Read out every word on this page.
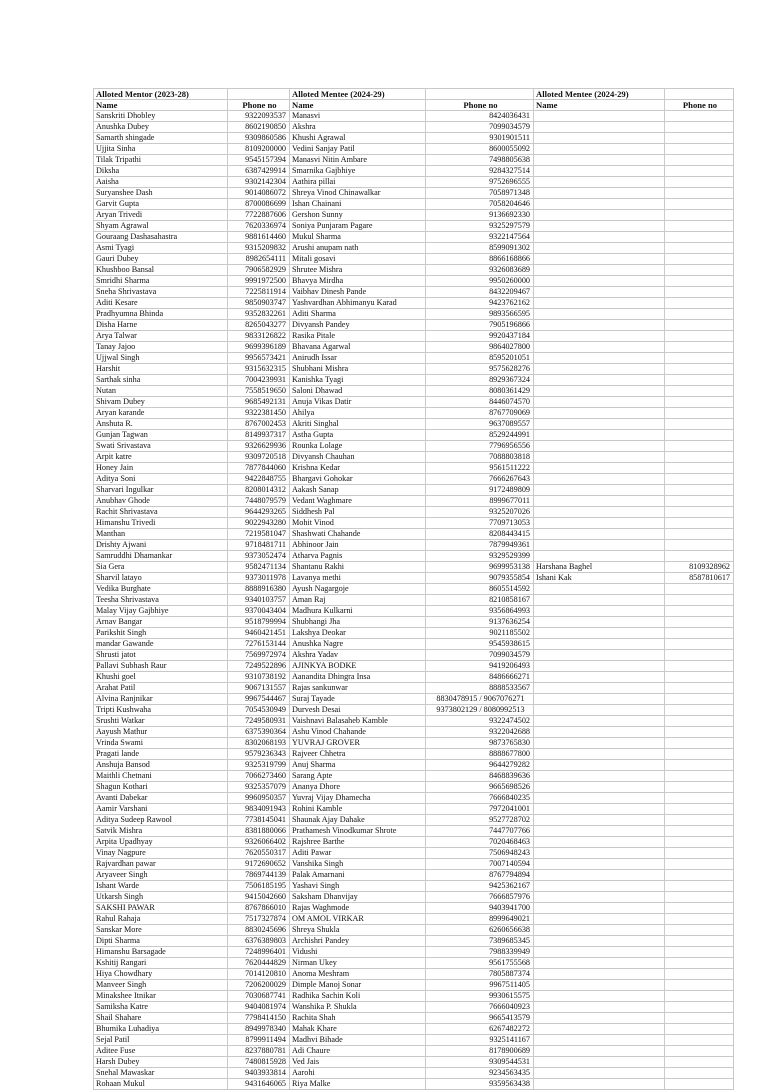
Alloted Mentor (2023-28)		Alloted Mentee (2024-29)		Alloted Mentee (2024-29)	
Name	Phone no	Name	Phone no	Name	Phone no
Sanskriti Dhobley	9322093537	Manasvi	8424036431		
Anushka Dubey	8602190850	Akshra	7099034579		
Samarth shingade	9309860586	Khushi Agrawal	9301901511		
Ujjita Sinha	8109200000	Vedini Sanjay Patil	8600055092		
Tilak Tripathi	9545157394	Manasvi Nitin Ambare	7498805638		
Diksha	6387429914	Smarnika Gajbhiye	9284327514		
Aaisha	9302142304	Aathira pillai	9752696555		
Suryanshee Dash	9014086072	Shreya Vinod Chinawalkar	7058971348		
Garvit Gupta	8700086699	Ishan Chainani	7058204646		
Aryan Trivedi	7722887606	Gershon Sunny	9136692330		
Shyam Agrawal	7620336974	Soniya Punjaram Pagare	9325297579		
Gouraang Dashasahastra	9881614460	Mukul Sharma	9322147564		
Asmi Tyagi	9315209832	Arushi anupam nath	8599091302		
Gauri Dubey	8982654111	Mitali gosavi	8866168866		
Khushboo Bansal	7906582929	Shrutee Mishra	9326083689		
Smridhi Sharma	9991972500	Bhavya Mirdha	9950260000		
Sneha Shrivastava	7225811914	Vaibhav Dinesh Pande	8432209467		
Aditi Kesare	9850903747	Yashvardhan Abhimanyu Karad	9423762162		
Pradhyumna Bhinda	9352832261	Aditi Sharma	9893566595		
Disha Harne	8265043277	Divyansh Pandey	7905196866		
Arya Talwar	9833126822	Rasika Pitale	9920437184		
Tanay Jajoo	9699396189	Bhavana Agarwal	9864027800		
Ujjwal Singh	9956573421	Anirudh Issar	8595201051		
Harshit	9315632315	Shubhani Mishra	9575628276		
Sarthak sinha	7004239931	Kanishka Tyagi	8929367324		
Nutan	7558519650	Saloni Dhawad	8080361429		
Shivam Dubey	9685492131	Anuja Vikas Datir	8446074570		
Aryan karande	9322381450	Ahilya	8767709069		
Anshuta R.	8767002453	Akriti Singhal	9637089557		
Gunjan Tagwan	8149937317	Astha Gupta	8529244991		
Swati Srivastava	9326629936	Rounka Lolage	7796956556		
Arpit katre	9309720518	Divyansh Chauhan	7088803818		
Honey Jain	7877844060	Krishna Kedar	9561511222		
Aditya Soni	9422848755	Bhargavi Gohokar	7666267643		
Sharvari Ingulkar	8208014312	Aakash Sanap	9172489809		
Anubhav Ghode	7448079579	Vedant Waghmare	8999677011		
Rachit Shrivastava	9644293265	Siddhesh Pal	9325207026		
Himanshu Trivedi	9022943280	Mohit Vinod	7709713053		
Manthan	7219581047	Shashwati Chahande	8208443415		
Drishty Ajwani	9718481711	Abhinoor Jain	7879949361		
Samruddhi Dhamankar	9373052474	Atharva Pagnis	9329529399		
Sia Gera	9582471134	Shantanu Rakhi	9699953138	Harshana Baghel	8109328962
Sharvil latayo	9373011978	Lavanya methi	9079355854	Ishani Kak	8587810617
Vedika Burghate	8888916380	Ayush Nagargoje	8605514592		
Teesha Shrivastava	9340103757	Aman Raj	8210858167		
Malay Vijay Gajbhiye	9370043404	Madhura Kulkarni	9356864993		
Arnav Bangar	9518799994	Shubhangi Jha	9137636254		
Parikshit Singh	9460421451	Lakshya Deokar	9021185502		
mandar Gawande	7276153144	Anushka Nagre	9545938615		
Shrusti jatot	7569972974	Akshra Yadav	7099034579		
Pallavi Subhash Raur	7249522896	AJINKYA BODKE	9419206493		
Khushi goel	9310738192	Aanandita Dhingra Insa	8486666271		
Arahat Patil	9067131557	Rajas sankunwar	8888533567		
Alvina Ranjnikar	9967544467	Suraj Tayade	8830478915 / 9067076271		
Tripti Kushwaha	7054530949	Durvesh Desai	9373802129 / 8080992513		
Srushti Watkar	7249580931	Vaishnavi Balasaheb Kamble	9322474502		
Aayush Mathur	6375390364	Ashu Vinod Chahande	9322042688		
Vrinda Swami	8302068193	YUVRAJ GROVER	9873765830		
Pragati lande	9579236343	Rajveer Chhetra	8888677800		
Anshuja Bansod	9325319799	Anuj Sharma	9644279282		
Maithli Chetnani	7066273460	Sarang Apte	8468839636		
Shagun Kothari	9325357079	Ananya Dhore	9665698526		
Avanti Dabekar	9960950357	Yuvraj Vijay Dhamecha	7666840235		
Aamir Varshani	9834091943	Rohini Kamble	7972041001		
Aditya Sudeep Rawool	7738145041	Shaunak Ajay Dahake	9527728702		
Satvik Mishra	8381880066	Prathamesh Vinodkumar Shrote	7447707766		
Arpita Upadhyay	9326066402	Rajshree Barthe	7020468463		
Vinay Nagpure	7620550317	Aditi Pawar	7506948243		
Rajvardhan pawar	9172690652	Vanshika Singh	7007140594		
Aryaveer Singh	7869744139	Palak Amarnani	8767794894		
Ishant Warde	7506185195	Yashavi Singh	9425362167		
Utkarsh Singh	9415042660	Saksham Dhanvijay	7666857976		
SAKSHI PAWAR	8767866010	Rajas Waghmode	9403941700		
Rahul Rahaja	7517327874	OM AMOL VIRKAR	8999649021		
Sanskar More	8830245696	Shreya Shukla	6260656638		
Dipti Sharma	6376389803	Archishri Pandey	7389685345		
Himanshu Barsagade	7248996401	Vidushi	7988339949		
Kshitij Rangari	7620444829	Nirman Ukey	9561755568		
Hiya Chowdhary	7014120810	Anoma Meshram	7805887374		
Manveer Singh	7206200029	Dimple Manoj Sonar	9967511405		
Minakshee Itnikar	7030687741	Radhika Sachin Koli	9930615575		
Samiksha Katre	9404081974	Wanshika P. Shukla	7666040923		
Shail Shahare	7798414150	Rachita Shah	9665413579		
Bhumika Luhadiya	8949978340	Mahak Khare	6267482272		
Sejal Patil	8799911494	Madhvi Bihade	9325141167		
Aditee Fuse	8237880781	Adi Chaure	8178900689		
Harsh Dubey	7480815928	Ved Jais	9309544531		
Snehal Mawaskar	9403933814	Aarohi	9234563435		
Rohaan Mukul	9431646065	Riya Malke	9359563438		
